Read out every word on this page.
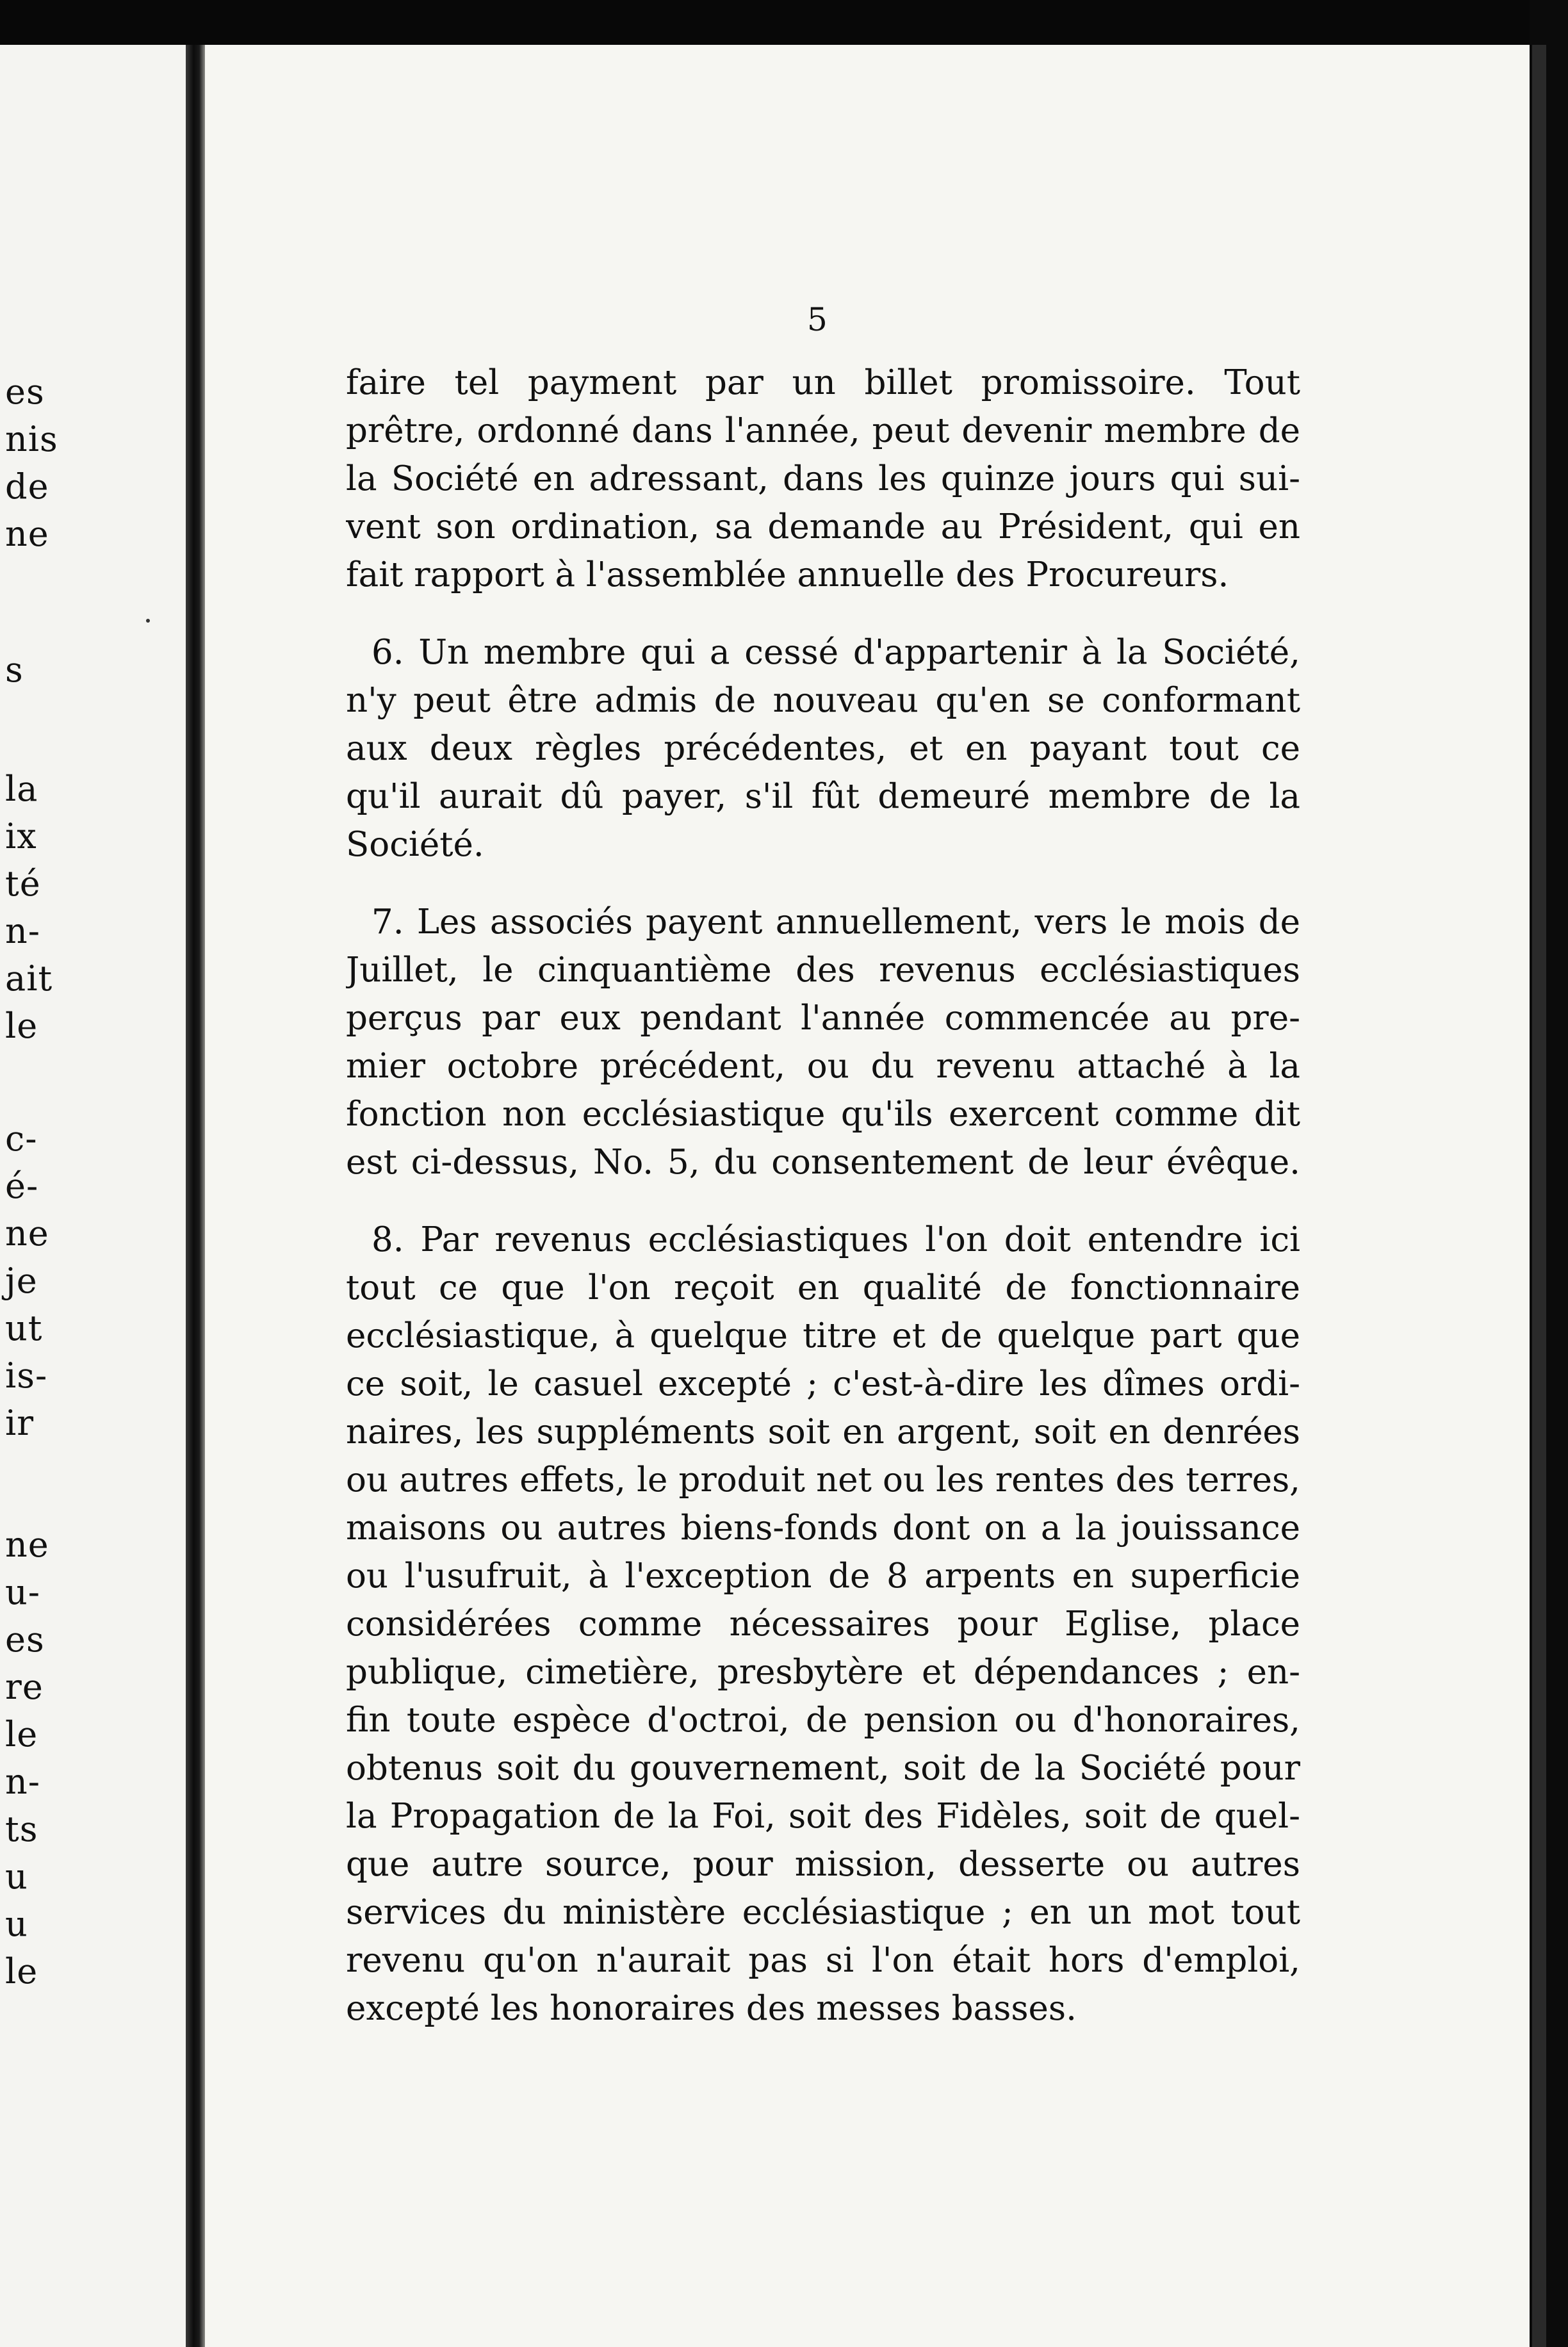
es
nis
de
ne
s
la
ix
té
n-
ait
le
c-
é-
ne
je
ut
is-
ir
ne
u-
es
re
le
n-
ts
u
u
le
5
faire tel payment par un billet promissoire. Tout
prêtre, ordonné dans l'année, peut devenir membre de
la Société en adressant, dans les quinze jours qui sui-
vent son ordination, sa demande au Président, qui en
fait rapport à l'assemblée annuelle des Procureurs.
6. Un membre qui a cessé d'appartenir à la Société,
n'y peut être admis de nouveau qu'en se conformant
aux deux règles précédentes, et en payant tout ce
qu'il aurait dû payer, s'il fût demeuré membre de la
Société.
7. Les associés payent annuellement, vers le mois de
Juillet, le cinquantième des revenus ecclésiastiques
perçus par eux pendant l'année commencée au pre-
mier octobre précédent, ou du revenu attaché à la
fonction non ecclésiastique qu'ils exercent comme dit
est ci-dessus, No. 5, du consentement de leur évêque.
8. Par revenus ecclésiastiques l'on doit entendre ici
tout ce que l'on reçoit en qualité de fonctionnaire
ecclésiastique, à quelque titre et de quelque part que
ce soit, le casuel excepté ; c'est-à-dire les dîmes ordi-
naires, les suppléments soit en argent, soit en denrées
ou autres effets, le produit net ou les rentes des terres,
maisons ou autres biens-fonds dont on a la jouissance
ou l'usufruit, à l'exception de 8 arpents en superficie
considérées comme nécessaires pour Eglise, place
publique, cimetière, presbytère et dépendances ; en-
fin toute espèce d'octroi, de pension ou d'honoraires,
obtenus soit du gouvernement, soit de la Société pour
la Propagation de la Foi, soit des Fidèles, soit de quel-
que autre source, pour mission, desserte ou autres
services du ministère ecclésiastique ; en un mot tout
revenu qu'on n'aurait pas si l'on était hors d'emploi,
excepté les honoraires des messes basses.
